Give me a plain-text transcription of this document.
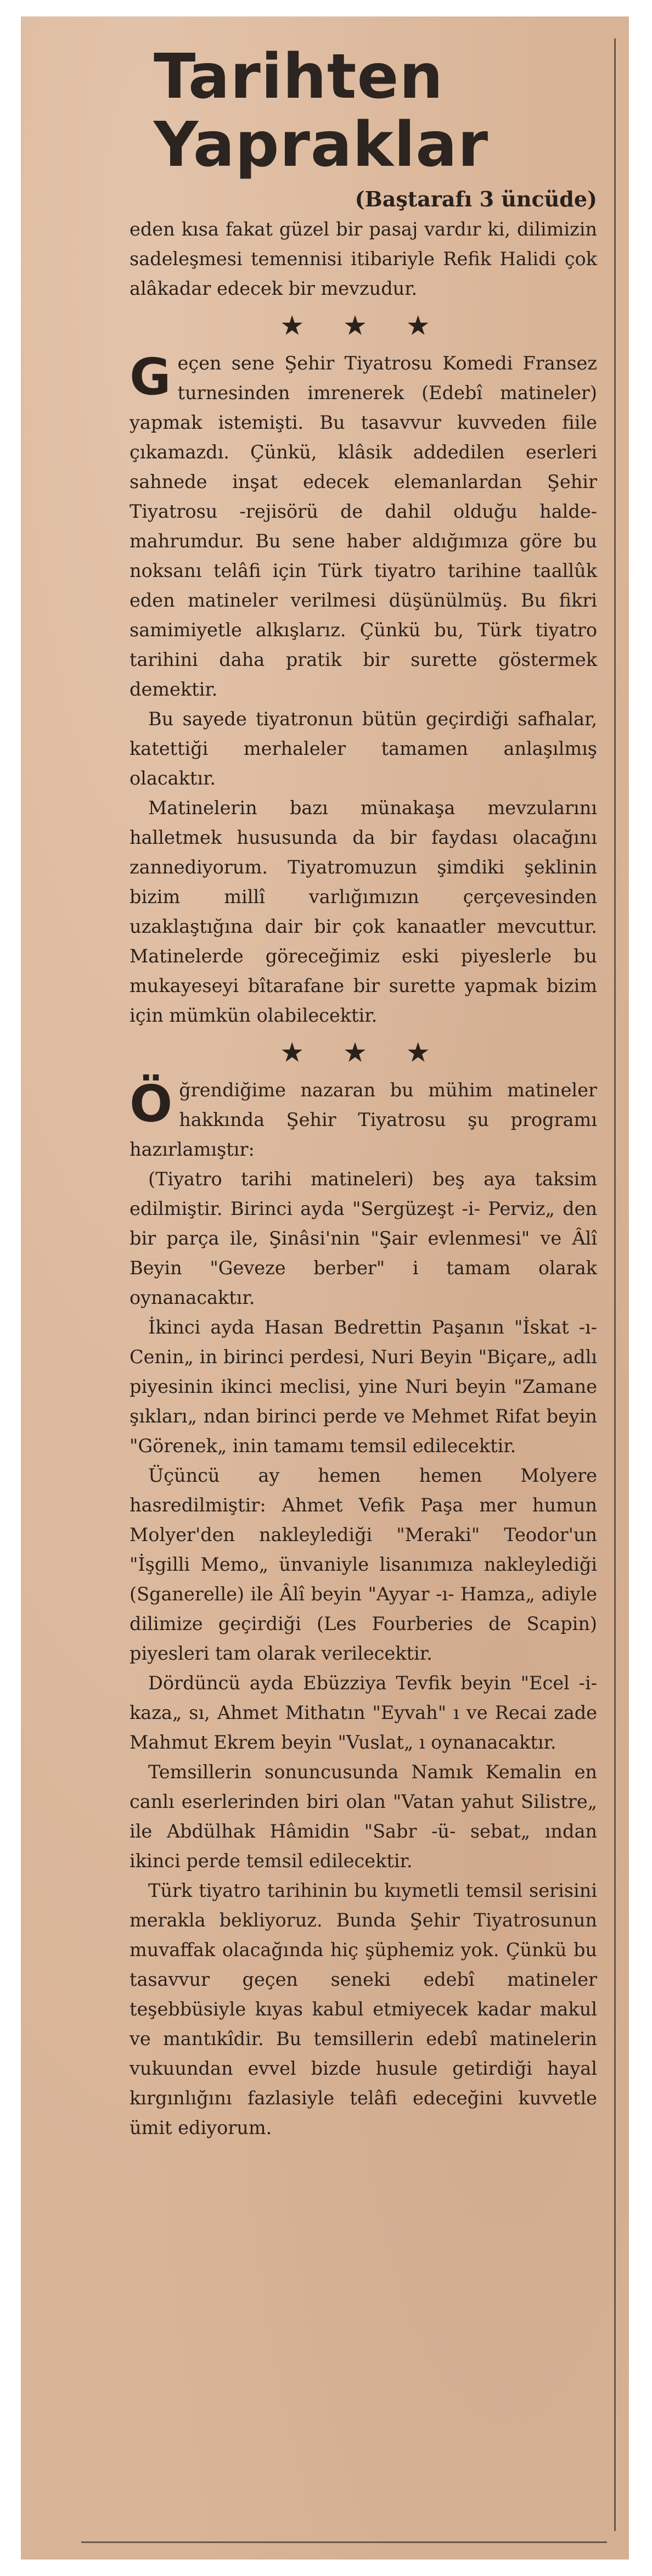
Tarihten
Yapraklar
(Baştarafı 3 üncüde)

eden kısa fakat güzel bir pasaj vardır ki, dilimizin sadeleşmesi temennisi itibariyle Refik Halidi çok alâkadar edecek bir mevzudur.

★ ★ ★
G eçen sene Şehir Tiyatrosu Komedi Fransez turnesinden imrenerek (Edebî matineler) yapmak istemişti. Bu tasavvur kuvveden fiile çıkamazdı. Çünkü, klâsik addedilen eserleri sahnede inşat edecek elemanlardan Şehir Tiyatrosu -rejisörü de dahil olduğu halde- mahrumdur. Bu sene haber aldığımıza göre bu noksanı telâfi için Türk tiyatro tarihine taallûk eden matineler verilmesi düşünülmüş. Bu fikri samimiyetle alkışlarız. Çünkü bu, Türk tiyatro tarihini daha pratik bir surette göstermek demektir.

Bu sayede tiyatronun bütün geçirdiği safhalar, katettiği merhaleler tamamen anlaşılmış olacaktır.

Matinelerin bazı münakaşa mevzularını halletmek hususunda da bir faydası olacağını zannediyorum. Tiyatromuzun şimdiki şeklinin bizim millî varlığımızın çerçevesinden uzaklaştığına dair bir çok kanaatler mevcuttur. Matinelerde göreceğimiz eski piyeslerle bu mukayeseyi bîtarafane bir surette yapmak bizim için mümkün olabilecektir.

★ ★ ★
Ö ğrendiğime nazaran bu mühim matineler hakkında Şehir Tiyatrosu şu programı hazırlamıştır:

(Tiyatro tarihi matineleri) beş aya taksim edilmiştir. Birinci ayda "Sergüzeşt -i- Perviz„ den bir parça ile, Şinâsi'nin "Şair evlenmesi" ve Âlî Beyin "Geveze berber" i tamam olarak oynanacaktır.

İkinci ayda Hasan Bedrettin Paşanın "İskat -ı- Cenin„ in birinci perdesi, Nuri Beyin "Biçare„ adlı piyesinin ikinci meclisi, yine Nuri beyin "Zamane şıkları„ ndan birinci perde ve Mehmet Rifat beyin "Görenek„ inin tamamı temsil edilecektir.

Üçüncü ay hemen hemen Molyere hasredilmiştir: Ahmet Vefik Paşa mer humun Molyer'den nakleylediği "Meraki" Teodor'un "İşgilli Memo„ ünvaniyle lisanımıza nakleylediği (Sganerelle) ile Âlî beyin "Ayyar -ı- Hamza„ adiyle dilimize geçirdiği (Les Fourberies de Scapin) piyesleri tam olarak verilecektir.

Dördüncü ayda Ebüzziya Tevfik beyin "Ecel -i- kaza„ sı, Ahmet Mithatın "Eyvah" ı ve Recai zade Mahmut Ekrem beyin "Vuslat„ ı oynanacaktır.

Temsillerin sonuncusunda Namık Kemalin en canlı eserlerinden biri olan "Vatan yahut Silistre„ ile Abdülhak Hâmidin "Sabr -ü- sebat„ ından ikinci perde temsil edilecektir.

Türk tiyatro tarihinin bu kıymetli temsil serisini merakla bekliyoruz. Bunda Şehir Tiyatrosunun muvaffak olacağında hiç şüphemiz yok. Çünkü bu tasavvur geçen seneki edebî matineler teşebbüsiyle kıyas kabul etmiyecek kadar makul ve mantıkîdir. Bu temsillerin edebî matinelerin vukuundan evvel bizde husule getirdiği hayal kırgınlığını fazlasiyle telâfi edeceğini kuvvetle ümit ediyorum.
